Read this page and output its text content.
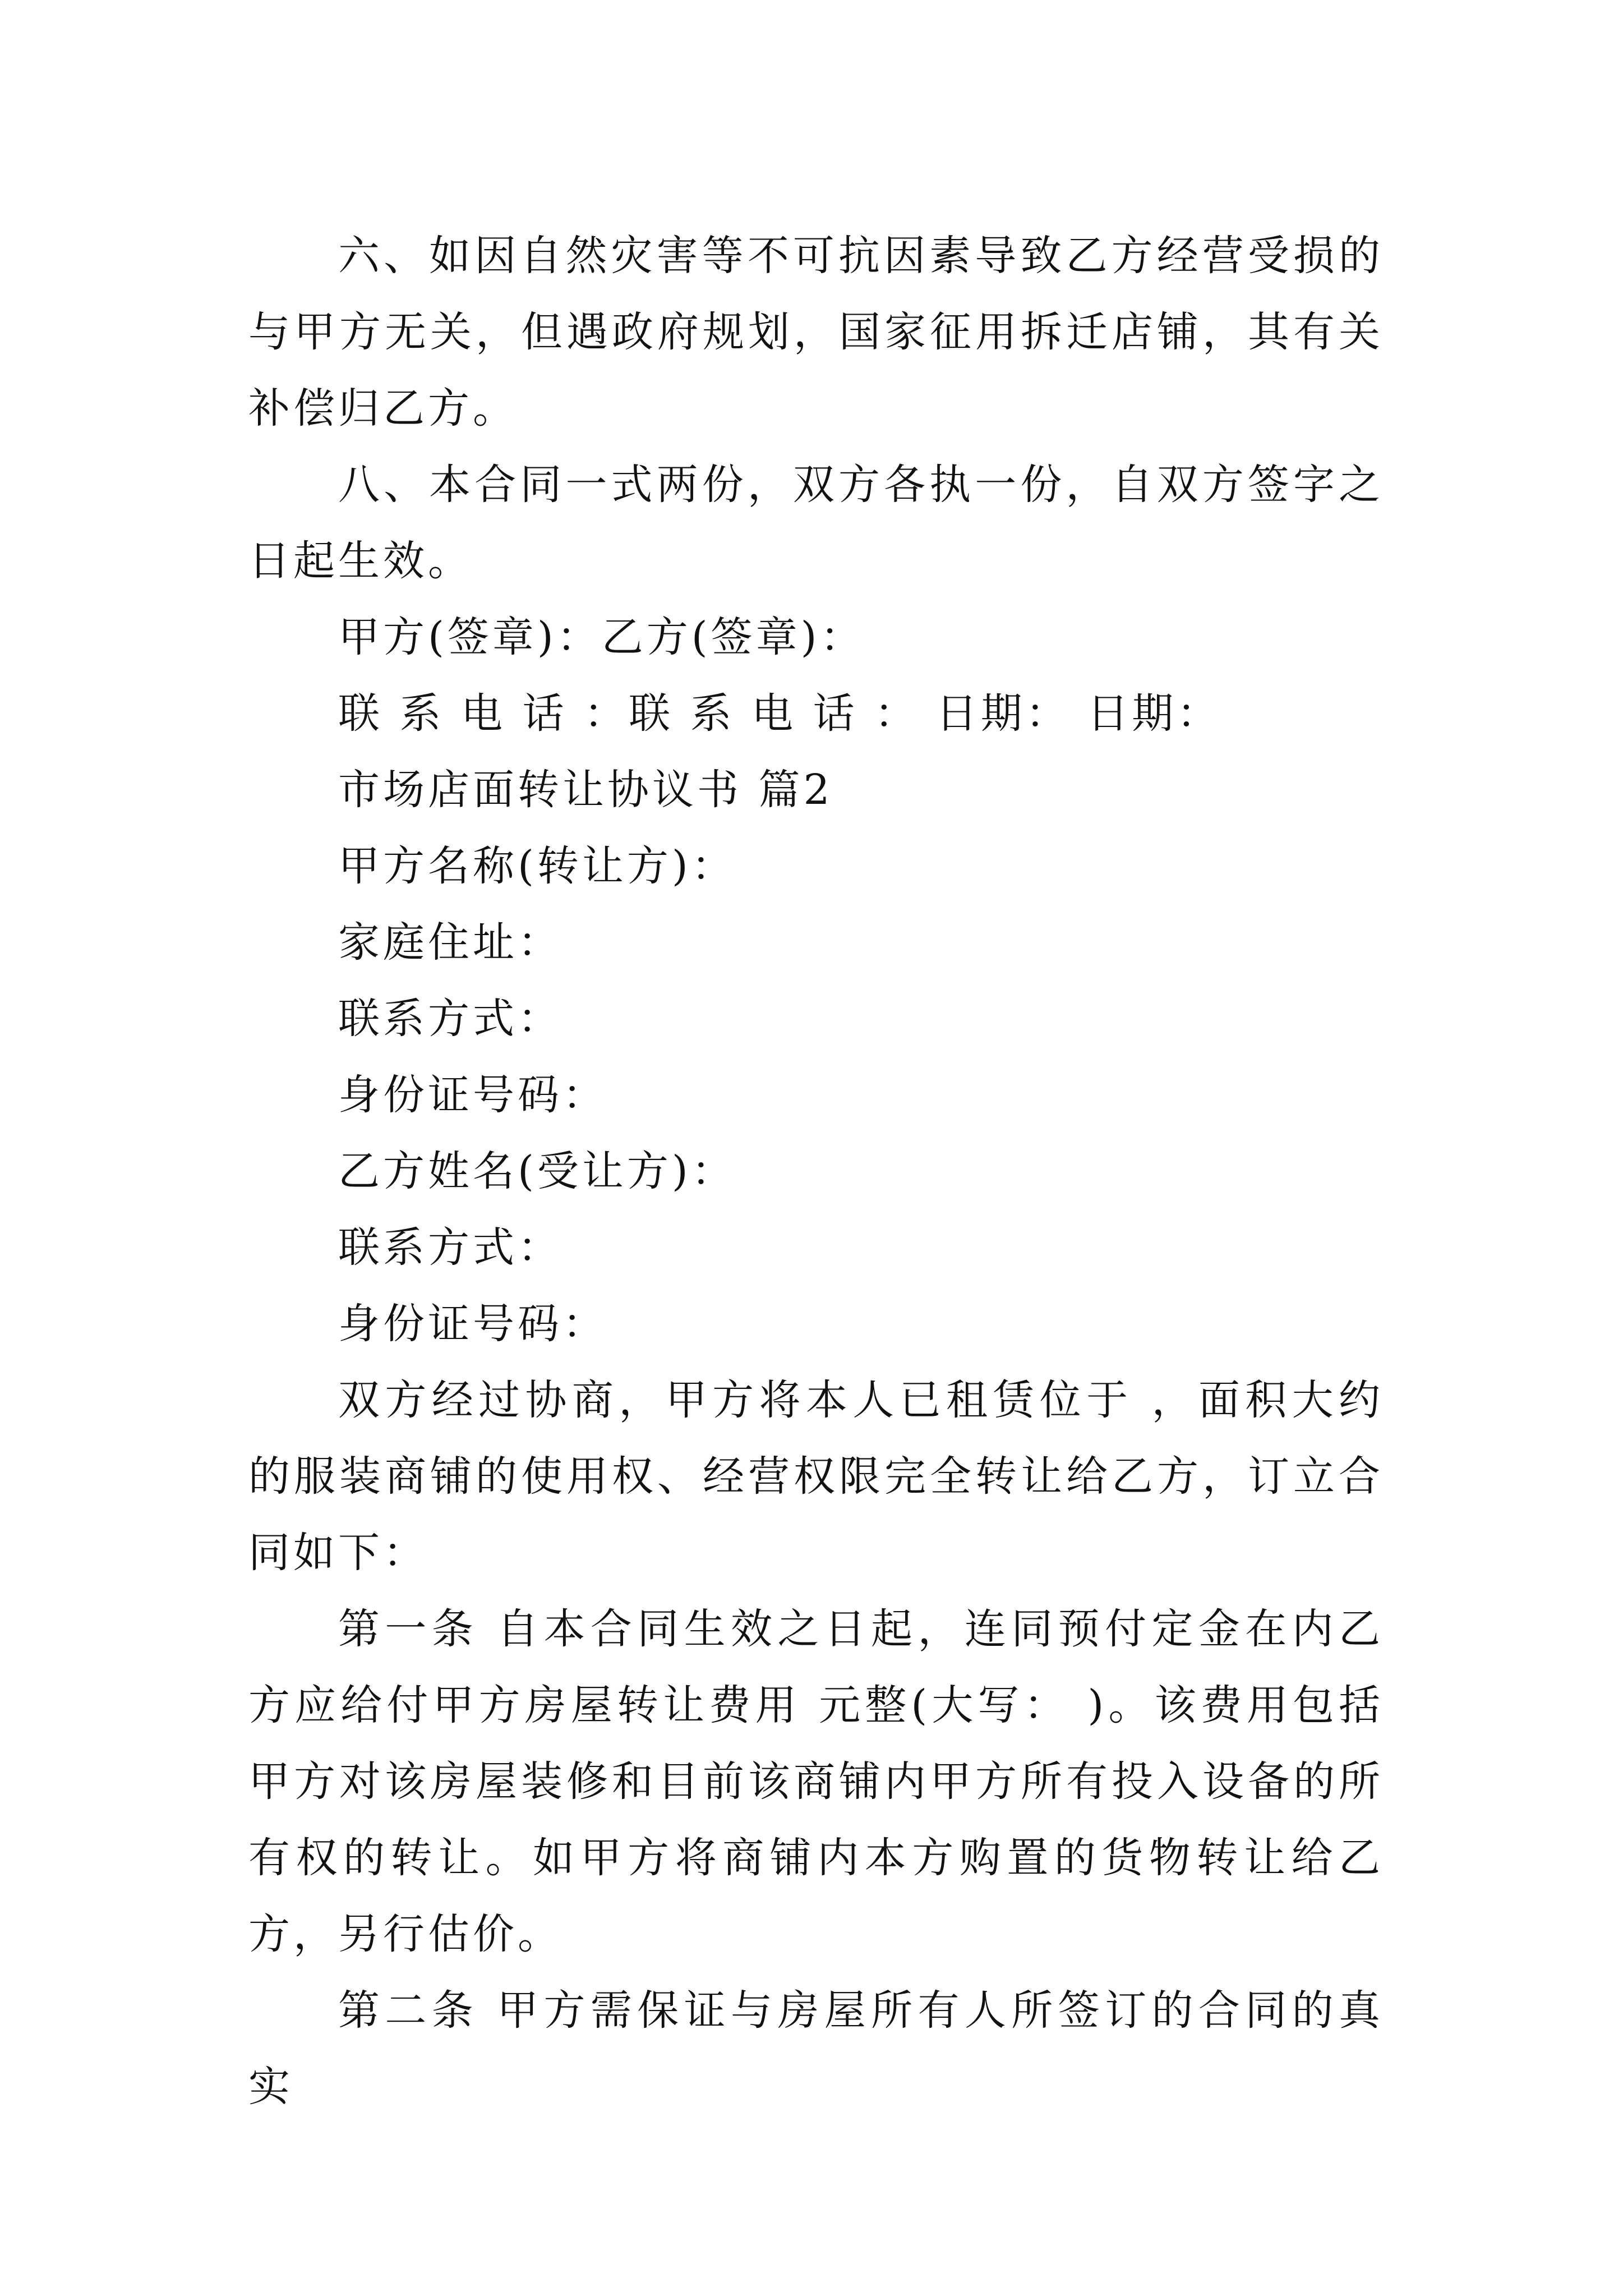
六、如因自然灾害等不可抗因素导致乙方经营受损的与甲方无关，但遇政府规划，国家征用拆迁店铺，其有关补偿归乙方。

八、本合同一式两份，双方各执一份，自双方签字之日起生效。

甲方(签章)：乙方(签章)：

联 系 电 话 ：联 系 电 话 ： 日期： 日期：

市场店面转让协议书 篇2

甲方名称(转让方)：

家庭住址：

联系方式：

身份证号码：

乙方姓名(受让方)：

联系方式：

身份证号码：

双方经过协商，甲方将本人已租赁位于 ，面积大约 的服装商铺的使用权、经营权限完全转让给乙方，订立合同如下：

第一条 自本合同生效之日起，连同预付定金在内乙方应给付甲方房屋转让费用 元整(大写： )。该费用包括甲方对该房屋装修和目前该商铺内甲方所有投入设备的所有权的转让。如甲方将商铺内本方购置的货物转让给乙方，另行估价。

第二条 甲方需保证与房屋所有人所签订的合同的真实
